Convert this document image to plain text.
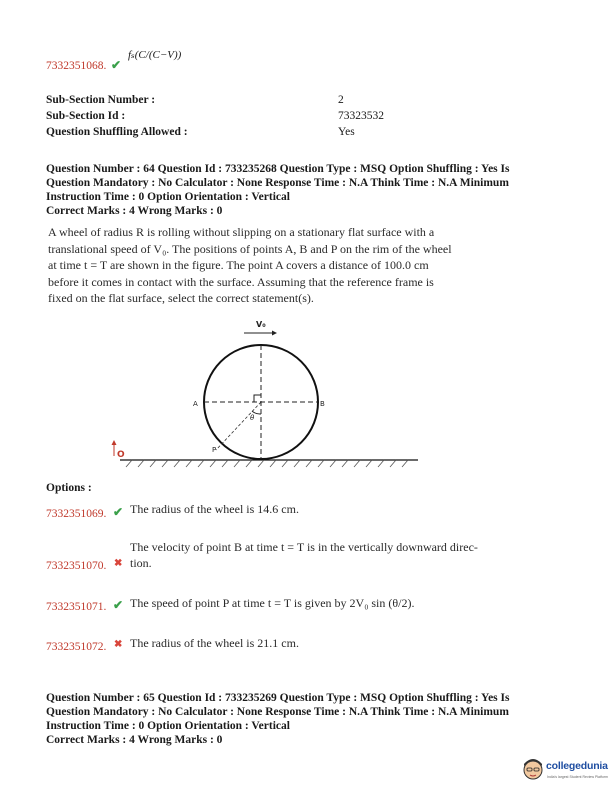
7332351068. ✔
fₛ(C/(C−V))
Sub-Section Number :	2
Sub-Section Id :	73323532
Question Shuffling Allowed :	Yes
Question Number : 64 Question Id : 733235268 Question Type : MSQ Option Shuffling : Yes Is
Question Mandatory : No Calculator : None Response Time : N.A Think Time : N.A Minimum
Instruction Time : 0 Option Orientation : Vertical
Correct Marks : 4 Wrong Marks : 0
A wheel of radius R is rolling without slipping on a stationary flat surface with a
translational speed of V₀. The positions of points A, B and P on the rim of the wheel
at time t = T are shown in the figure. The point A covers a distance of 100.0 cm
before it comes in contact with the surface. Assuming that the reference frame is
fixed on the flat surface, select the correct statement(s).
V₀
θ
A	B
P
O
Options :
7332351069. ✔ The radius of the wheel is 14.6 cm.
The velocity of point B at time t = T is in the vertically downward direc-
7332351070. ✖ tion.
7332351071. ✔ The speed of point P at time t = T is given by 2V₀ sin (θ/2).
7332351072. ✖ The radius of the wheel is 21.1 cm.
Question Number : 65 Question Id : 733235269 Question Type : MSQ Option Shuffling : Yes Is
Question Mandatory : No Calculator : None Response Time : N.A Think Time : N.A Minimum
Instruction Time : 0 Option Orientation : Vertical
Correct Marks : 4 Wrong Marks : 0
collegedunia
India's largest Student Review Platform
